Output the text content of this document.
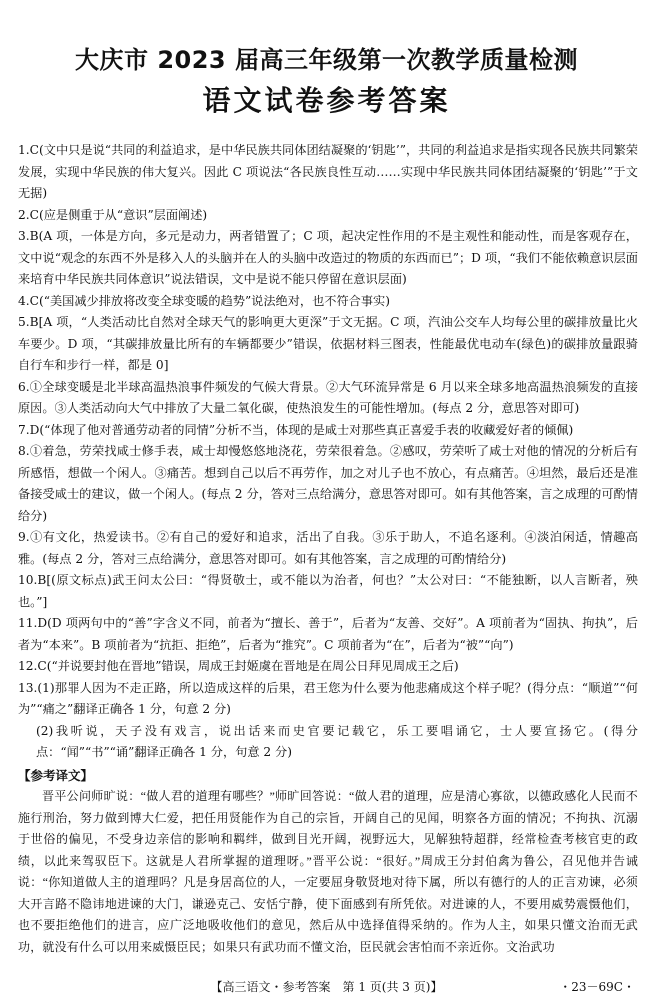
大庆市 2023 届高三年级第一次教学质量检测
语文试卷参考答案

1.C(文中只是说“共同的利益追求，是中华民族共同体团结凝聚的‘钥匙’”，共同的利益追求是指实现各民族共同繁荣发展，实现中华民族的伟大复兴。因此 C 项说法“各民族良性互动……实现中华民族共同体团结凝聚的‘钥匙’”于文无据)

2.C(应是侧重于从“意识”层面阐述)

3.B(A 项，一体是方向，多元是动力，两者错置了；C 项，起决定性作用的不是主观性和能动性，而是客观存在，文中说“观念的东西不外是移入人的头脑并在人的头脑中改造过的物质的东西而已”；D 项，“我们不能依赖意识层面来培育中华民族共同体意识”说法错误，文中是说不能只停留在意识层面)

4.C(“美国减少排放将改变全球变暖的趋势”说法绝对，也不符合事实)

5.B[A 项，“人类活动比自然对全球天气的影响更大更深”于文无据。C 项，汽油公交车人均每公里的碳排放量比火车要少。D 项，“其碳排放量比所有的车辆都要少”错误，依据材料三图表，性能最优电动车(绿色)的碳排放量跟骑自行车和步行一样，都是 0]

6.①全球变暖是北半球高温热浪事件频发的气候大背景。②大气环流异常是 6 月以来全球多地高温热浪频发的直接原因。③人类活动向大气中排放了大量二氧化碳，使热浪发生的可能性增加。(每点 2 分，意思答对即可)

7.D(“体现了他对普通劳动者的同情”分析不当，体现的是咸士对那些真正喜爱手表的收藏爱好者的倾佩)

8.①着急，劳荣找咸士修手表，咸士却慢悠悠地浇花，劳荣很着急。②感叹，劳荣听了咸士对他的情况的分析后有所感悟，想做一个闲人。③痛苦。想到自己以后不再劳作，加之对儿子也不放心，有点痛苦。④坦然，最后还是准备接受咸士的建议，做一个闲人。(每点 2 分，答对三点给满分，意思答对即可。如有其他答案，言之成理的可酌情给分)

9.①有文化，热爱读书。②有自己的爱好和追求，活出了自我。③乐于助人，不追名逐利。④淡泊闲适，情趣高雅。(每点 2 分，答对三点给满分，意思答对即可。如有其他答案，言之成理的可酌情给分)

10.B[(原文标点)武王问太公曰：“得贤敬士，或不能以为治者，何也？”太公对曰：“不能独断，以人言断者，殃也。”]

11.D(D 项两句中的“善”字含义不同，前者为“擅长、善于”，后者为“友善、交好”。A 项前者为“固执、拘执”，后者为“本来”。B 项前者为“抗拒、拒绝”，后者为“推究”。C 项前者为“在”，后者为“被”“向”)

12.C(“并说要封他在晋地”错误，周成王封姬虞在晋地是在周公日拜见周成王之后)

13.(1)那罪人因为不走正路，所以造成这样的后果，君王您为什么要为他悲痛成这个样子呢？(得分点：“顺道”“何为”“痛之”翻译正确各 1 分，句意 2 分)

(2)我听说，天子没有戏言，说出话来而史官要记载它，乐工要唱诵它，士人要宣扬它。(得分点：“闻”“书”“诵”翻译正确各 1 分，句意 2 分)

【参考译文】

晋平公问师旷说：“做人君的道理有哪些？”师旷回答说：“做人君的道理，应是清心寡欲，以德政感化人民而不施行刑治，努力做到博大仁爱，把任用贤能作为自己的宗旨，开阔自己的见闻，明察各方面的情况；不拘执、沉溺于世俗的偏见，不受身边亲信的影响和羁绊，做到目光开阔，视野远大，见解独特超群，经常检查考核官吏的政绩，以此来驾驭臣下。这就是人君所掌握的道理呀。”晋平公说：“很好。”周成王分封伯禽为鲁公，召见他并告诫说：“你知道做人主的道理吗？凡是身居高位的人，一定要屈身敬贤地对待下属，所以有德行的人的正言劝谏，必须大开言路不隐讳地进谏的大门，谦逊克己、安恬宁静，使下面感到有所凭依。对进谏的人，不要用威势震慑他们，也不要拒绝他们的进言，应广泛地吸收他们的意见，然后从中选择值得采纳的。作为人主，如果只懂文治而无武功，就没有什么可以用来威慑臣民；如果只有武功而不懂文治，臣民就会害怕而不亲近你。文治武功

【高三语文・参考答案　第 1 页(共 3 页)】	・23－69C・
